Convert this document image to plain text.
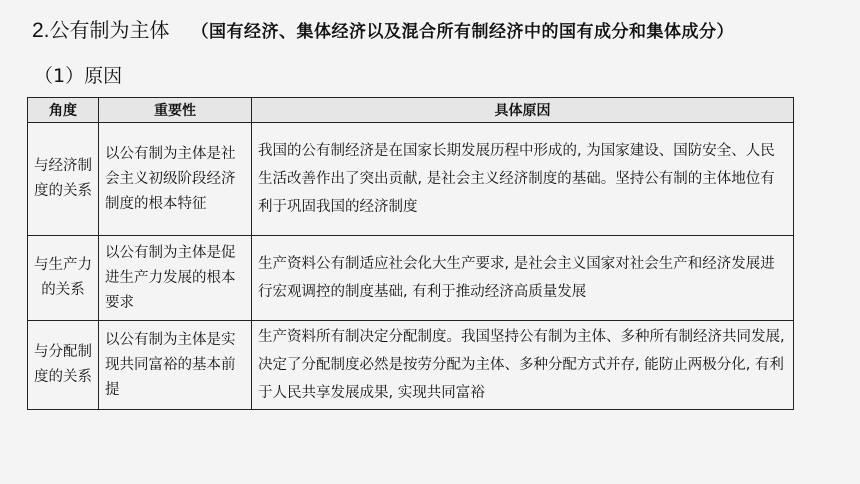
2.公有制为主体 （国有经济、集体经济以及混合所有制经济中的国有成分和集体成分）
（1）原因
角度	重要性	具体原因
与经济制度的关系	以公有制为主体是社会主义初级阶段经济制度的根本特征	我国的公有制经济是在国家长期发展历程中形成的, 为国家建设、国防安全、人民生活改善作出了突出贡献, 是社会主义经济制度的基础。坚持公有制的主体地位有利于巩固我国的经济制度
与生产力的关系	以公有制为主体是促进生产力发展的根本要求	生产资料公有制适应社会化大生产要求, 是社会主义国家对社会生产和经济发展进行宏观调控的制度基础, 有利于推动经济高质量发展
与分配制度的关系	以公有制为主体是实现共同富裕的基本前提	生产资料所有制决定分配制度。我国坚持公有制为主体、多种所有制经济共同发展, 决定了分配制度必然是按劳分配为主体、多种分配方式并存, 能防止两极分化, 有利于人民共享发展成果, 实现共同富裕
